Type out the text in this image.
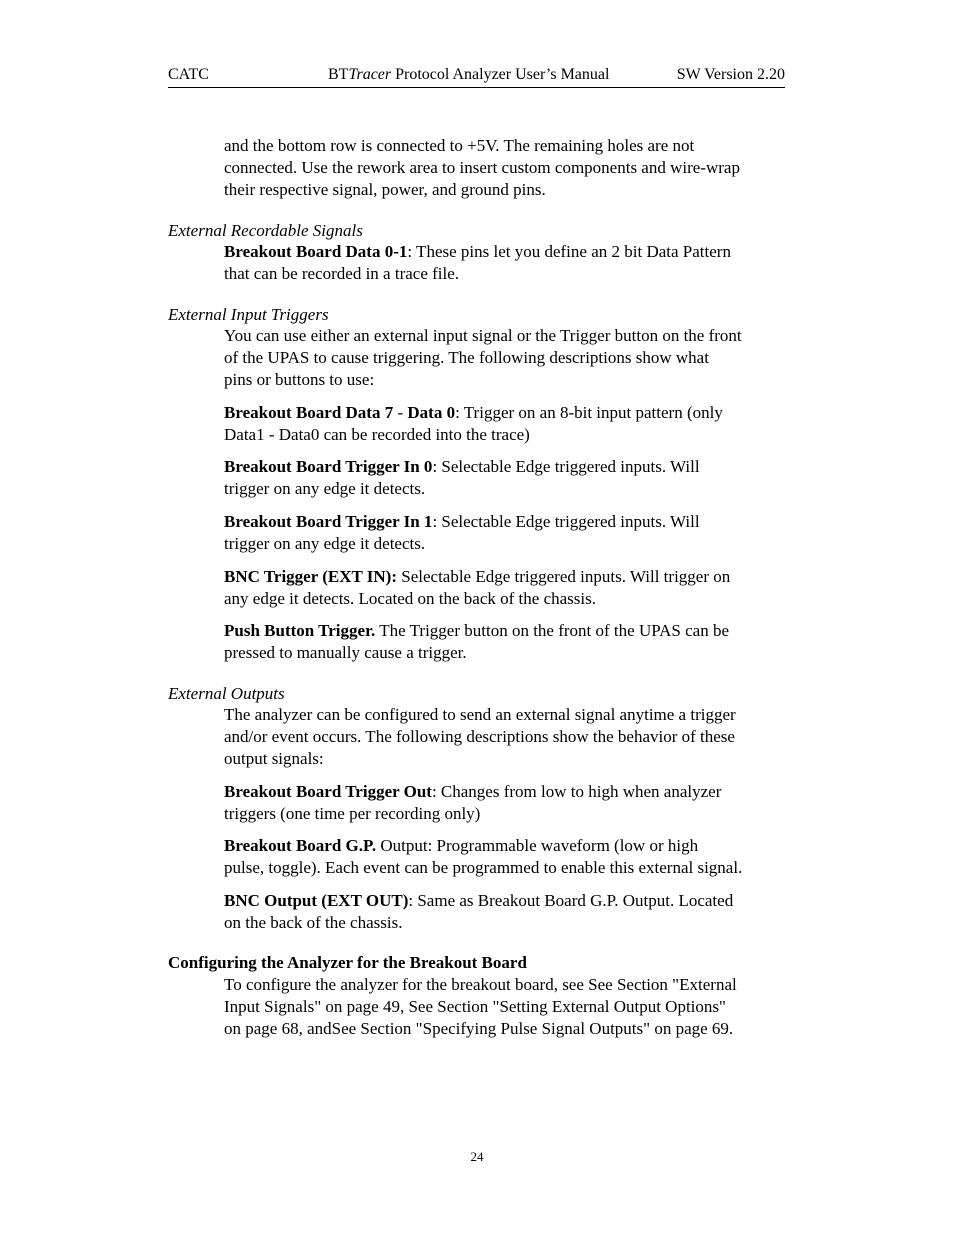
CATC	BTTracer Protocol Analyzer User’s Manual	SW Version 2.20
and the bottom row is connected to +5V. The remaining holes are not
connected. Use the rework area to insert custom components and wire-wrap
their respective signal, power, and ground pins.
External Recordable Signals
Breakout Board Data 0-1: These pins let you define an 2 bit Data Pattern
that can be recorded in a trace file.
External Input Triggers
You can use either an external input signal or the Trigger button on the front
of the UPAS to cause triggering. The following descriptions show what
pins or buttons to use:
Breakout Board Data 7 - Data 0: Trigger on an 8-bit input pattern (only
Data1 - Data0 can be recorded into the trace)
Breakout Board Trigger In 0: Selectable Edge triggered inputs. Will
trigger on any edge it detects.
Breakout Board Trigger In 1: Selectable Edge triggered inputs. Will
trigger on any edge it detects.
BNC Trigger (EXT IN): Selectable Edge triggered inputs. Will trigger on
any edge it detects. Located on the back of the chassis.
Push Button Trigger. The Trigger button on the front of the UPAS can be
pressed to manually cause a trigger.
External Outputs
The analyzer can be configured to send an external signal anytime a trigger
and/or event occurs. The following descriptions show the behavior of these
output signals:
Breakout Board Trigger Out: Changes from low to high when analyzer
triggers (one time per recording only)
Breakout Board G.P. Output: Programmable waveform (low or high
pulse, toggle). Each event can be programmed to enable this external signal.
BNC Output (EXT OUT): Same as Breakout Board G.P. Output. Located
on the back of the chassis.
Configuring the Analyzer for the Breakout Board
To configure the analyzer for the breakout board, see See Section "External
Input Signals" on page 49, See Section "Setting External Output Options"
on page 68, andSee Section "Specifying Pulse Signal Outputs" on page 69.
24
